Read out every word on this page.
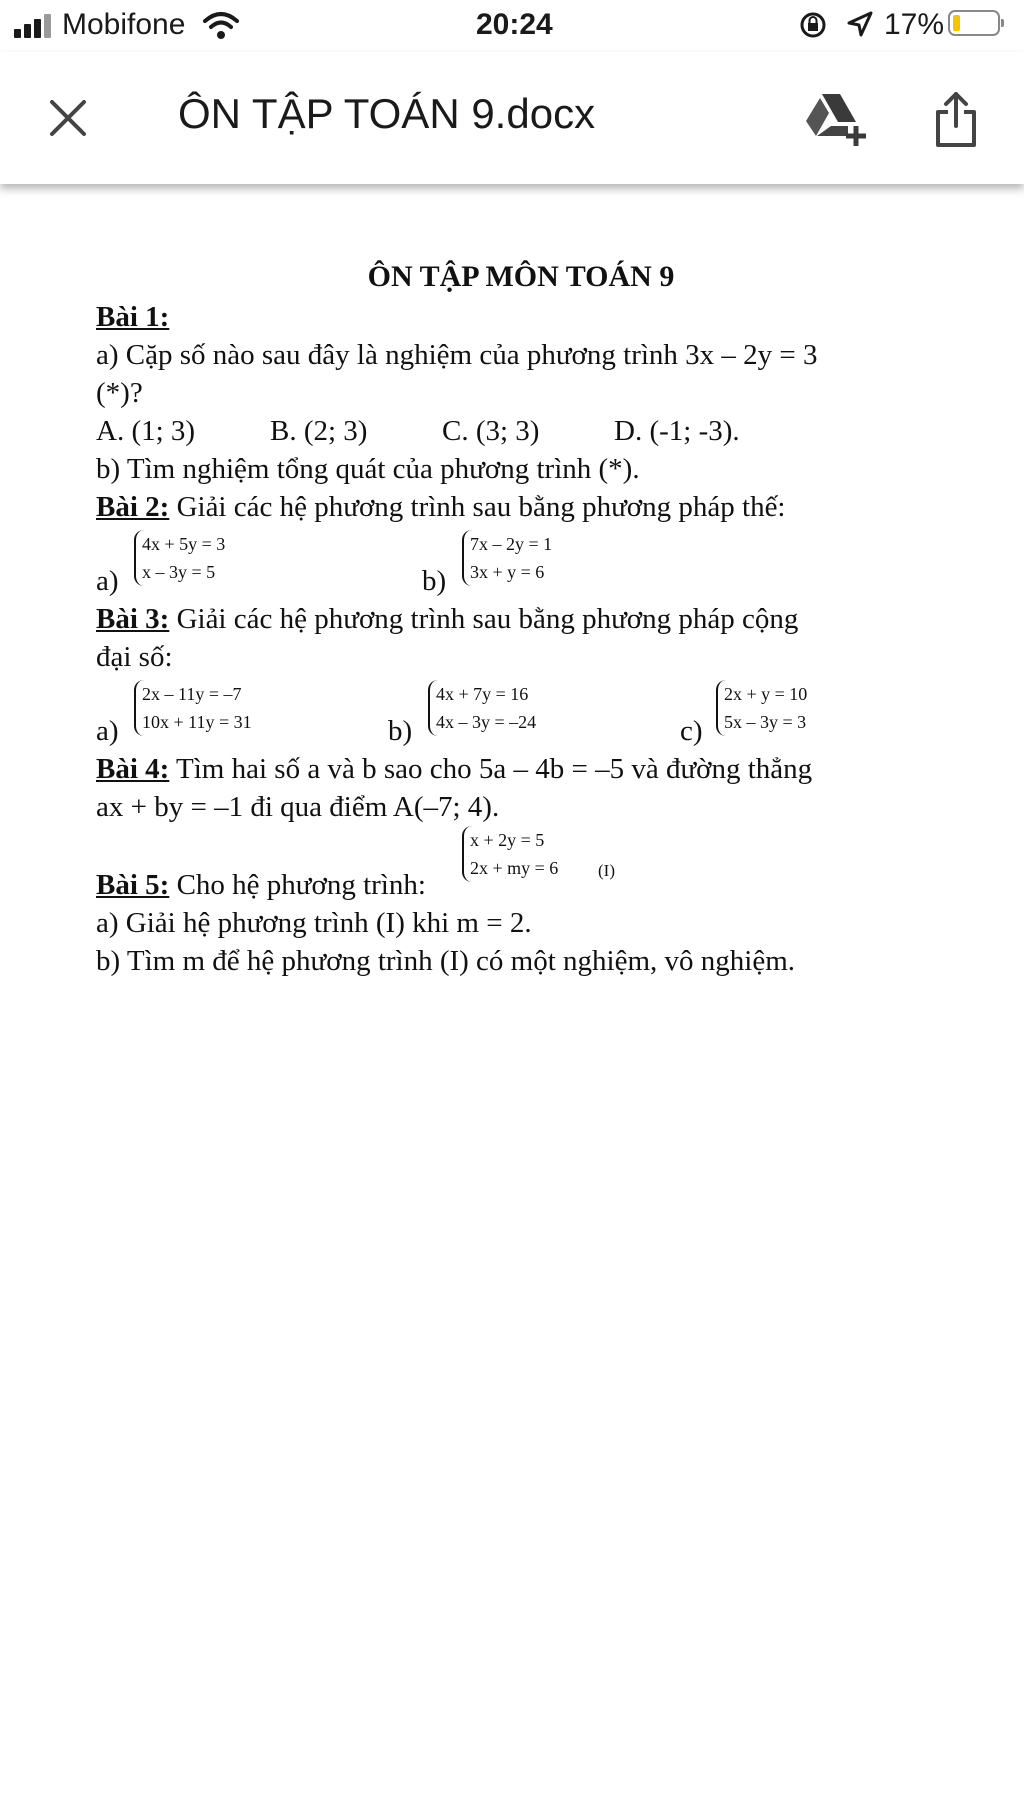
Mobifone	20:24	17%
ÔN TẬP TOÁN 9.docx
ÔN TẬP MÔN TOÁN 9
Bài 1:
a) Cặp số nào sau đây là nghiệm của phương trình 3x – 2y = 3
(*)?
A. (1; 3)	B. (2; 3)	C. (3; 3)	D. (-1; -3).
b) Tìm nghiệm tổng quát của phương trình (*).
Bài 2: Giải các hệ phương trình sau bằng phương pháp thế:
a)
4x + 5y = 3
x – 3y = 5	b)
7x – 2y = 1
3x + y = 6
Bài 3: Giải các hệ phương trình sau bằng phương pháp cộng
đại số:
a)
2x – 11y = –7
10x + 11y = 31	b)
4x + 7y = 16
4x – 3y = –24	c)
2x + y = 10
5x – 3y = 3
Bài 4: Tìm hai số a và b sao cho 5a – 4b = –5 và đường thẳng
ax + by = –1 đi qua điểm A(–7; 4).
Bài 5: Cho hệ phương trình:
x + 2y = 5
2x + my = 6 (I)
a) Giải hệ phương trình (I) khi m = 2.
b) Tìm m để hệ phương trình (I) có một nghiệm, vô nghiệm.
